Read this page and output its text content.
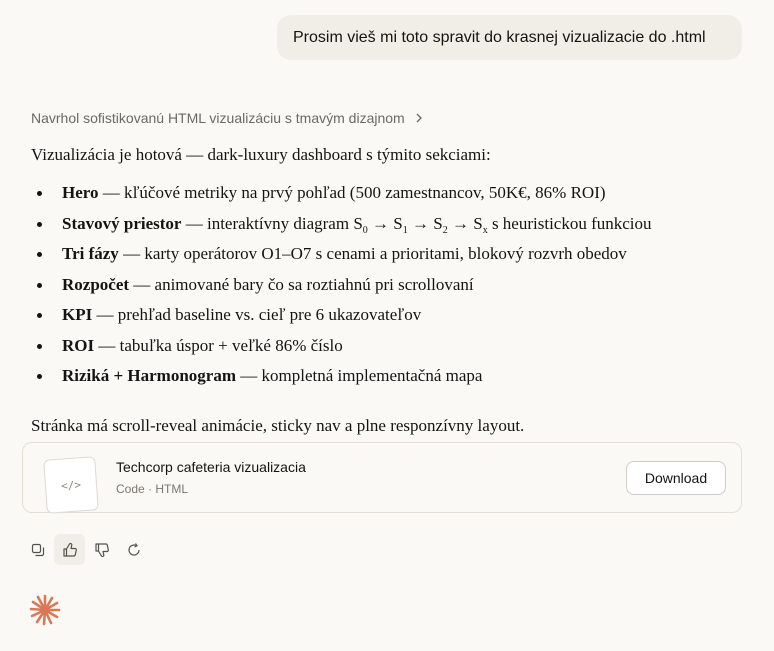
Prosim vieš mi toto spravit do krasnej vizualizacie do .html
Navrhol sofistikovanú HTML vizualizáciu s tmavým dizajnom

Vizualizácia je hotová — dark-luxury dashboard s týmito sekciami:

Hero — kľúčové metriky na prvý pohľad (500 zamestnancov, 50K€, 86% ROI)
Stavový priestor — interaktívny diagram $S_0 \to S_1 \to S_2 \to S_x$ s heuristickou funkciou
Tri fázy — karty operátorov O1–O7 s cenami a prioritami, blokový rozvrh obedov
Rozpočet — animované bary čo sa roztiahnú pri scrollovaní
KPI — prehľad baseline vs. cieľ pre 6 ukazovateľov
ROI — tabuľka úspor + veľké 86% číslo
Riziká + Harmonogram — kompletná implementačná mapa

Stránka má scroll-reveal animácie, sticky nav a plne responzívny layout.

</>
Techcorp cafeteria vizualizacia
Code · HTML
Download
